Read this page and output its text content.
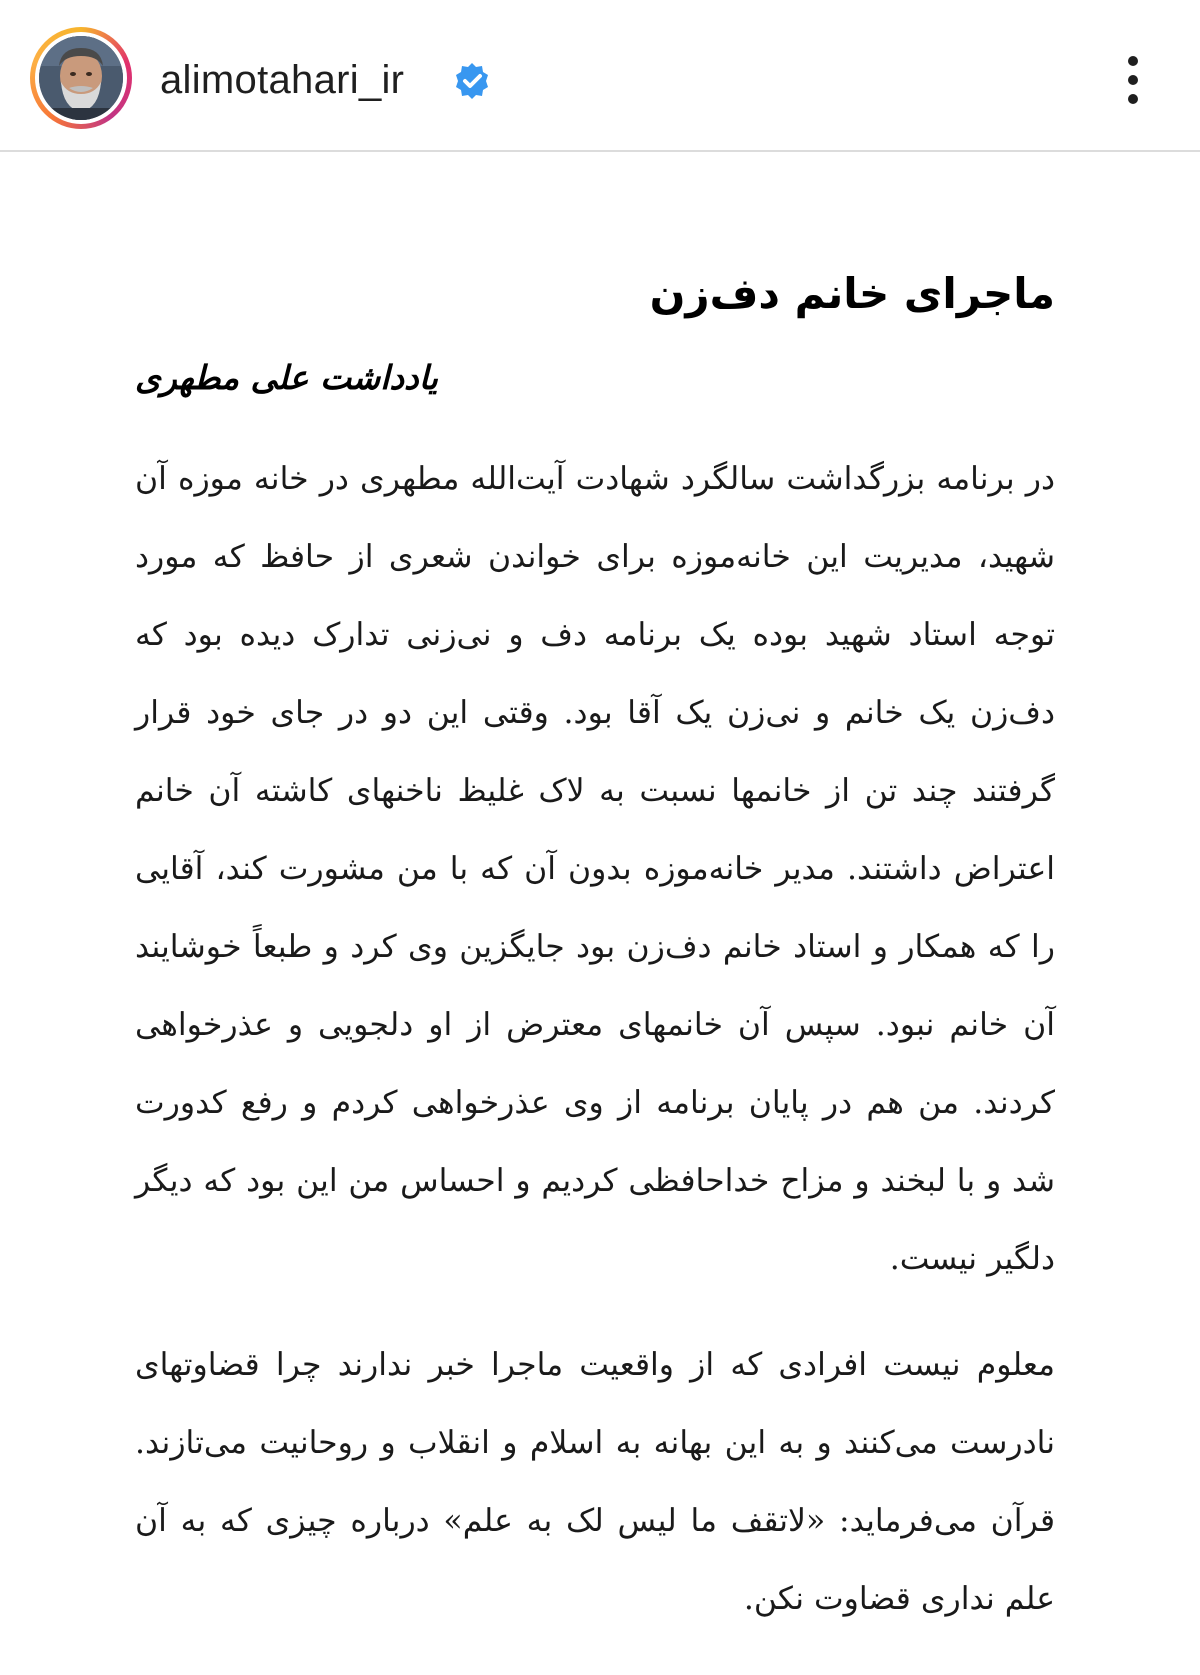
alimotahari_ir
ماجرای خانم دف‌زن
یادداشت علی مطهری

در برنامه بزرگداشت سالگرد شهادت آیت‌الله مطهری در خانه موزه آن شهید، مدیریت این خانه‌موزه برای خواندن شعری از حافظ که مورد توجه استاد شهید بوده یک برنامه دف و نی‌زنی تدارک دیده بود که دف‌زن یک خانم و نی‌زن یک آقا بود. وقتی این دو در جای خود قرار گرفتند چند تن از خانمها نسبت به لاک غلیظ ناخنهای کاشته آن خانم اعتراض داشتند. مدیر خانه‌موزه بدون آن که با من مشورت کند، آقایی را که همکار و استاد خانم دف‌زن بود جایگزین وی کرد و طبعاً خوشایند آن خانم نبود. سپس آن خانمهای معترض از او دلجویی و عذرخواهی کردند. من هم در پایان برنامه از وی عذرخواهی کردم و رفع کدورت شد و با لبخند و مزاح خداحافظی کردیم و احساس من این بود که دیگر دلگیر نیست.

معلوم نیست افرادی که از واقعیت ماجرا خبر ندارند چرا قضاوتهای نادرست می‌کنند و به این بهانه به اسلام و انقلاب و روحانیت می‌تازند. قرآن می‌فرماید: «لاتقف ما لیس لک به علم» درباره چیزی که به آن علم نداری قضاوت نکن.
